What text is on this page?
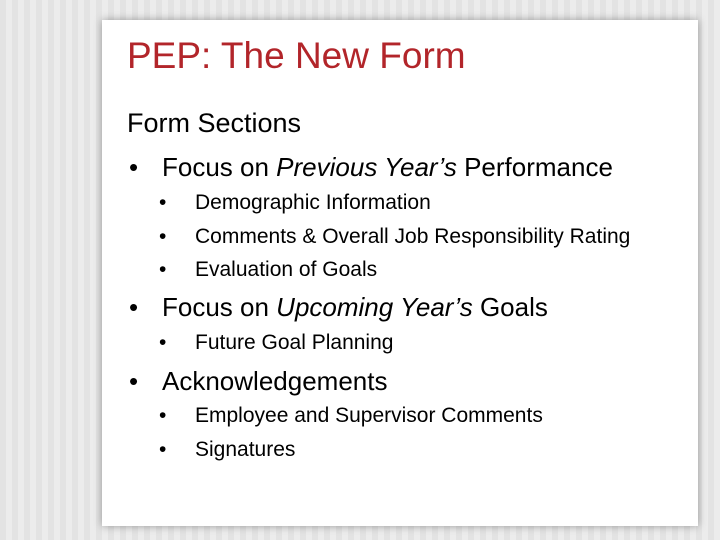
PEP: The New Form
Form Sections
• Focus on Previous Year’s Performance
• Demographic Information
• Comments & Overall Job Responsibility Rating
• Evaluation of Goals
• Focus on Upcoming Year’s Goals
• Future Goal Planning
• Acknowledgements
• Employee and Supervisor Comments
• Signatures
